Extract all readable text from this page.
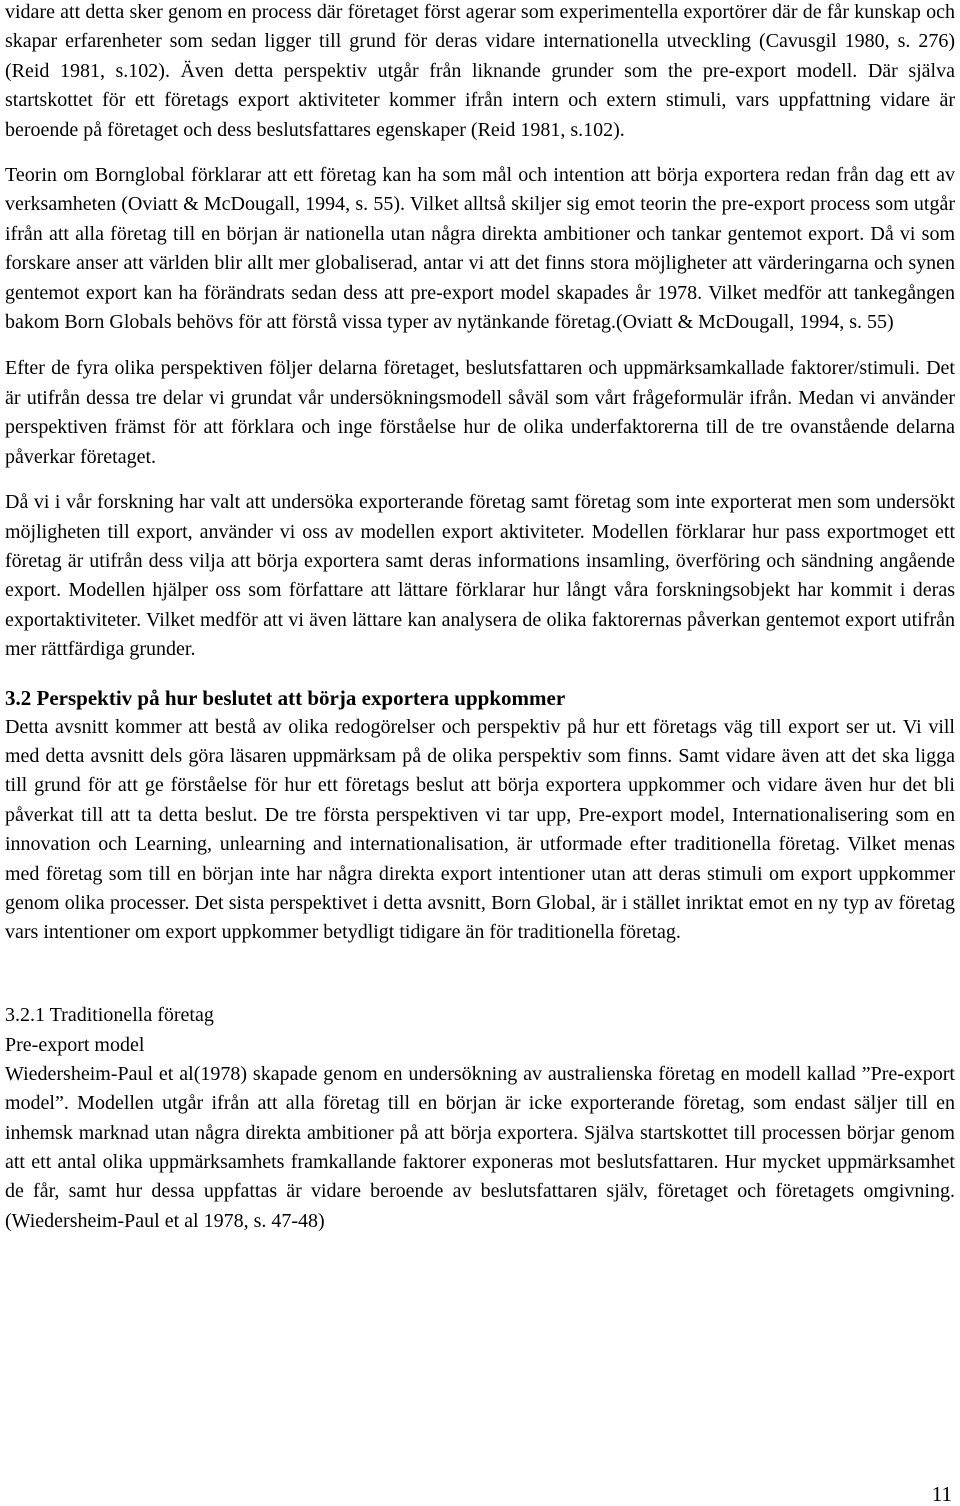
vidare att detta sker genom en process där företaget först agerar som experimentella exportörer där de får kunskap och skapar erfarenheter som sedan ligger till grund för deras vidare internationella utveckling (Cavusgil 1980, s. 276) (Reid 1981, s.102). Även detta perspektiv utgår från liknande grunder som the pre-export modell. Där själva startskottet för ett företags export aktiviteter kommer ifrån intern och extern stimuli, vars uppfattning vidare är beroende på företaget och dess beslutsfattares egenskaper (Reid 1981, s.102).

Teorin om Bornglobal förklarar att ett företag kan ha som mål och intention att börja exportera redan från dag ett av verksamheten (Oviatt & McDougall, 1994, s. 55). Vilket alltså skiljer sig emot teorin the pre-export process som utgår ifrån att alla företag till en början är nationella utan några direkta ambitioner och tankar gentemot export. Då vi som forskare anser att världen blir allt mer globaliserad, antar vi att det finns stora möjligheter att värderingarna och synen gentemot export kan ha förändrats sedan dess att pre-export model skapades år 1978. Vilket medför att tankegången bakom Born Globals behövs för att förstå vissa typer av nytänkande företag.(Oviatt & McDougall, 1994, s. 55)

Efter de fyra olika perspektiven följer delarna företaget, beslutsfattaren och uppmärksamkallade faktorer/stimuli. Det är utifrån dessa tre delar vi grundat vår undersökningsmodell såväl som vårt frågeformulär ifrån. Medan vi använder perspektiven främst för att förklara och inge förståelse hur de olika underfaktorerna till de tre ovanstående delarna påverkar företaget.

Då vi i vår forskning har valt att undersöka exporterande företag samt företag som inte exporterat men som undersökt möjligheten till export, använder vi oss av modellen export aktiviteter. Modellen förklarar hur pass exportmoget ett företag är utifrån dess vilja att börja exportera samt deras informations insamling, överföring och sändning angående export. Modellen hjälper oss som författare att lättare förklarar hur långt våra forskningsobjekt har kommit i deras exportaktiviteter. Vilket medför att vi även lättare kan analysera de olika faktorernas påverkan gentemot export utifrån mer rättfärdiga grunder.

3.2 Perspektiv på hur beslutet att börja exportera uppkommer

Detta avsnitt kommer att bestå av olika redogörelser och perspektiv på hur ett företags väg till export ser ut. Vi vill med detta avsnitt dels göra läsaren uppmärksam på de olika perspektiv som finns. Samt vidare även att det ska ligga till grund för att ge förståelse för hur ett företags beslut att börja exportera uppkommer och vidare även hur det bli påverkat till att ta detta beslut. De tre första perspektiven vi tar upp, Pre-export model, Internationalisering som en innovation och Learning, unlearning and internationalisation, är utformade efter traditionella företag. Vilket menas med företag som till en början inte har några direkta export intentioner utan att deras stimuli om export uppkommer genom olika processer. Det sista perspektivet i detta avsnitt, Born Global, är i stället inriktat emot en ny typ av företag vars intentioner om export uppkommer betydligt tidigare än för traditionella företag.

3.2.1 Traditionella företag
Pre-export model

Wiedersheim-Paul et al(1978) skapade genom en undersökning av australienska företag en modell kallad ”Pre-export model”. Modellen utgår ifrån att alla företag till en början är icke exporterande företag, som endast säljer till en inhemsk marknad utan några direkta ambitioner på att börja exportera. Själva startskottet till processen börjar genom att ett antal olika uppmärksamhets framkallande faktorer exponeras mot beslutsfattaren. Hur mycket uppmärksamhet de får, samt hur dessa uppfattas är vidare beroende av beslutsfattaren själv, företaget och företagets omgivning. (Wiedersheim-Paul et al 1978, s. 47-48)

11
